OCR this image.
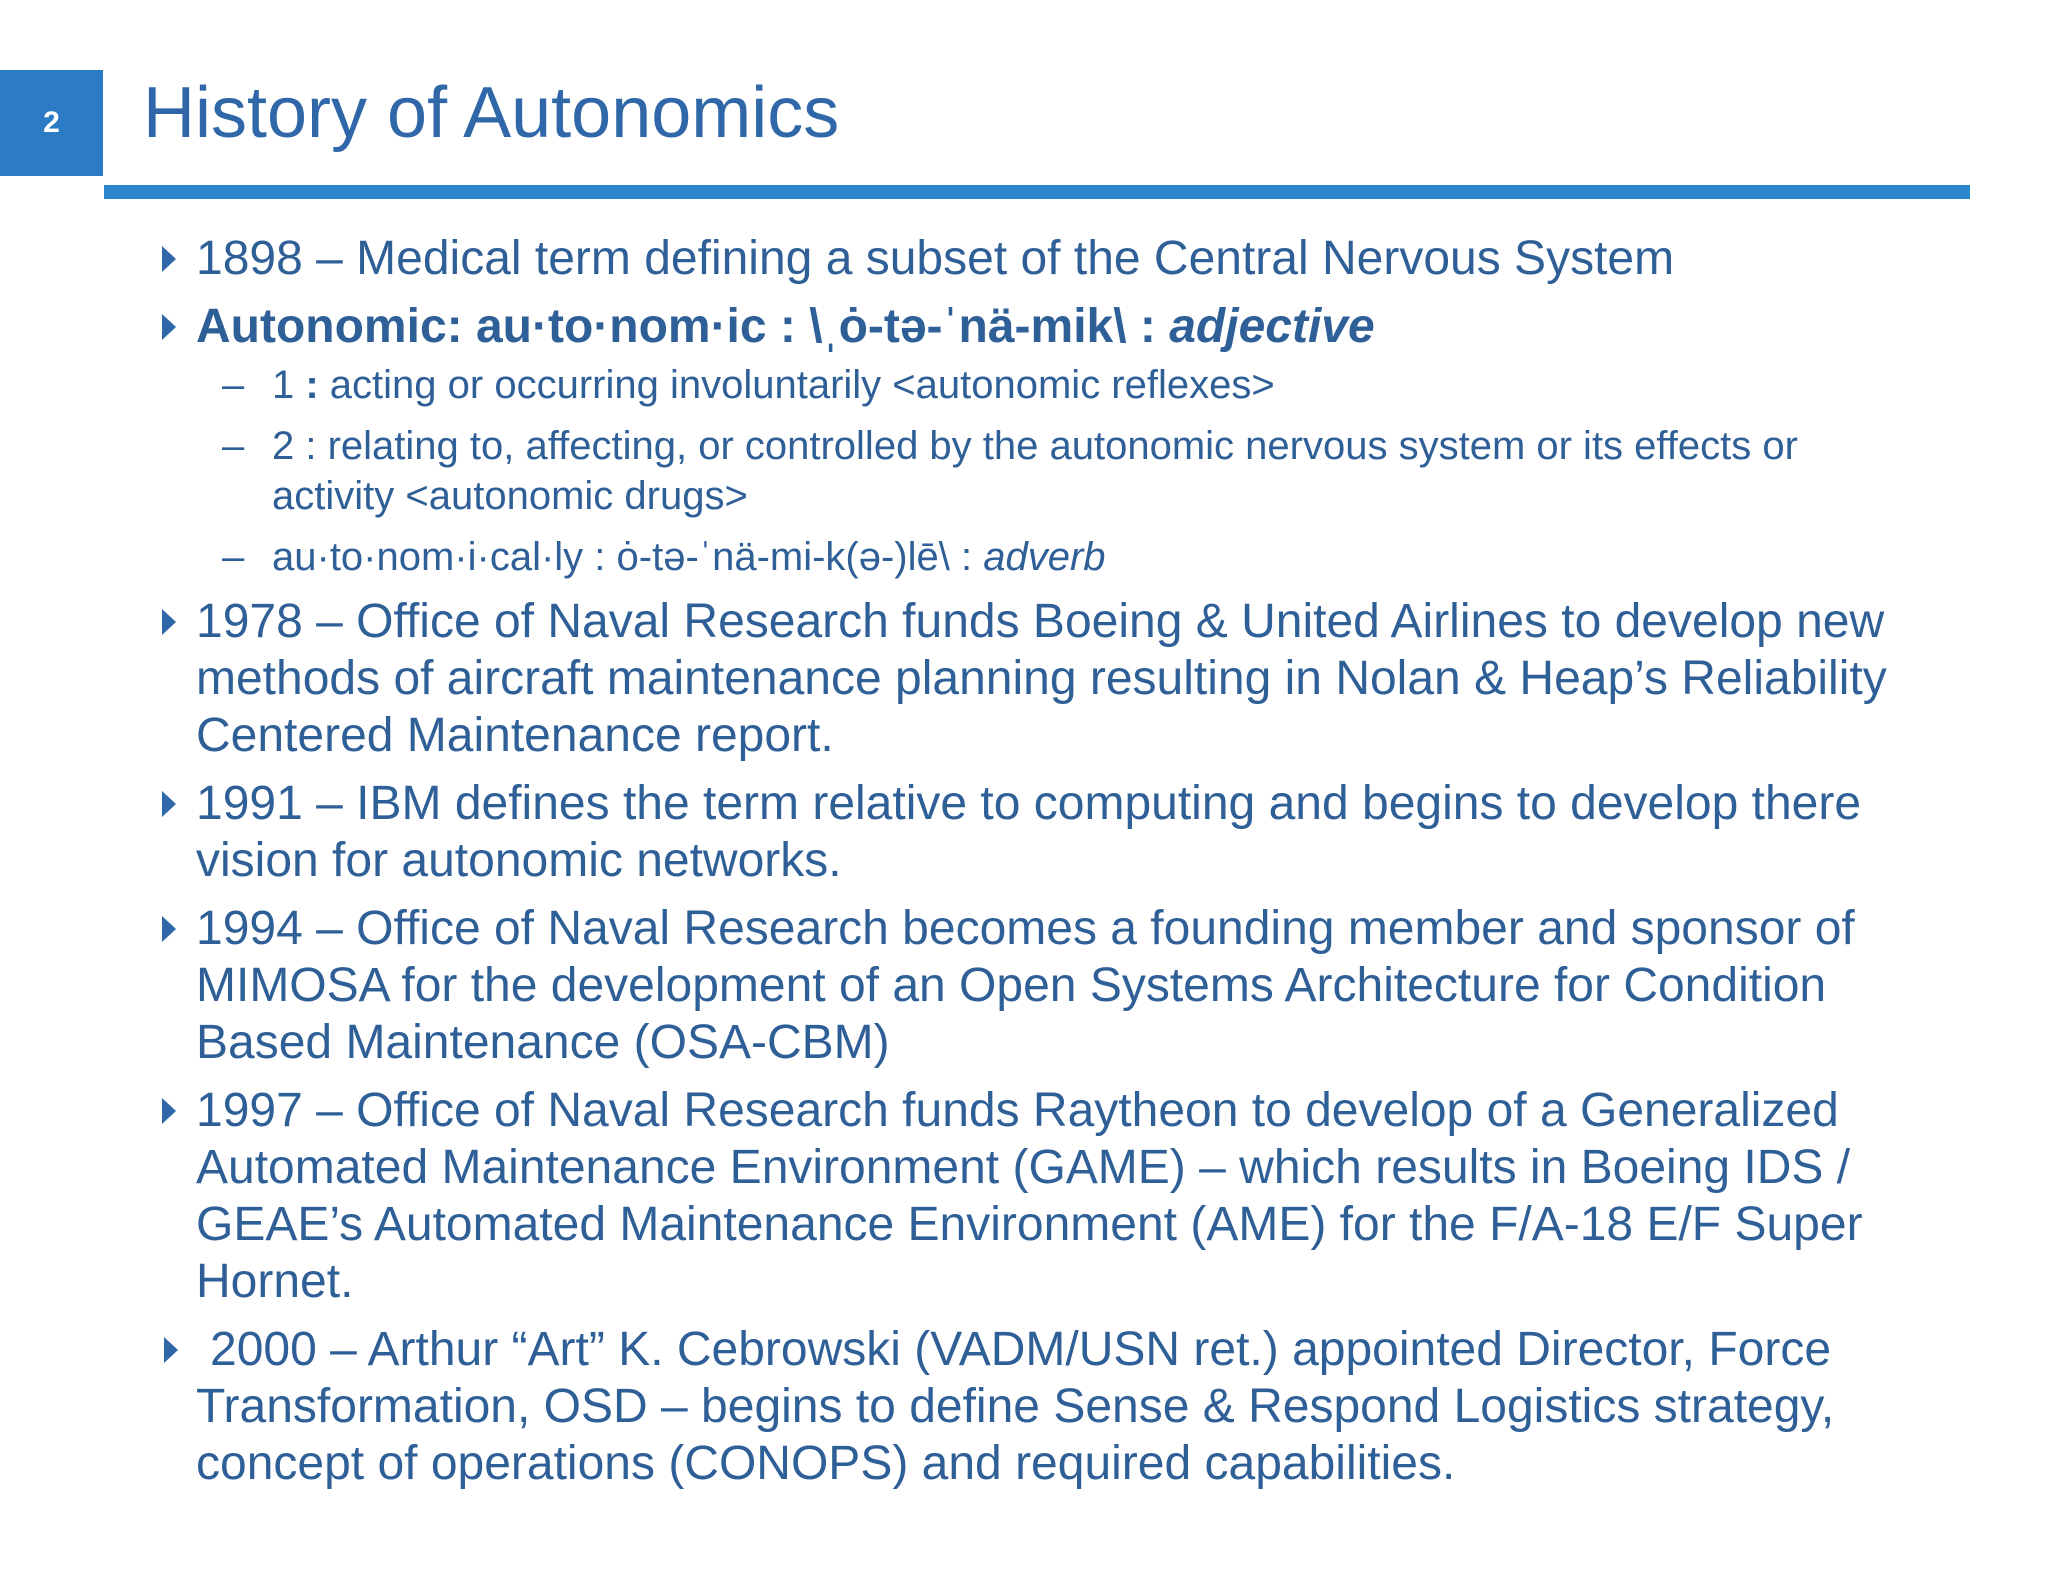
2 History of Autonomics
1898 – Medical term defining a subset of the Central Nervous System
Autonomic: au·to·nom·ic : \ˌȯ-tə-ˈnä-mik\ : adjective
– 1 : acting or occurring involuntarily <autonomic reflexes>
– 2 : relating to, affecting, or controlled by the autonomic nervous system or its effects or activity <autonomic drugs>
– au·to·nom·i·cal·ly : ȯ-tə-ˈnä-mi-k(ə-)lē\ : adverb
1978 – Office of Naval Research funds Boeing & United Airlines to develop new methods of aircraft maintenance planning resulting in Nolan & Heap’s Reliability Centered Maintenance report.
1991 – IBM defines the term relative to computing and begins to develop there vision for autonomic networks.
1994 – Office of Naval Research becomes a founding member and sponsor of MIMOSA for the development of an Open Systems Architecture for Condition Based Maintenance (OSA-CBM)
1997 – Office of Naval Research funds Raytheon to develop of a Generalized Automated Maintenance Environment (GAME) – which results in Boeing IDS / GEAE’s Automated Maintenance Environment (AME) for the F/A-18 E/F Super Hornet.
2000 – Arthur “Art” K. Cebrowski (VADM/USN ret.) appointed Director, Force Transformation, OSD – begins to define Sense & Respond Logistics strategy, concept of operations (CONOPS) and required capabilities.
